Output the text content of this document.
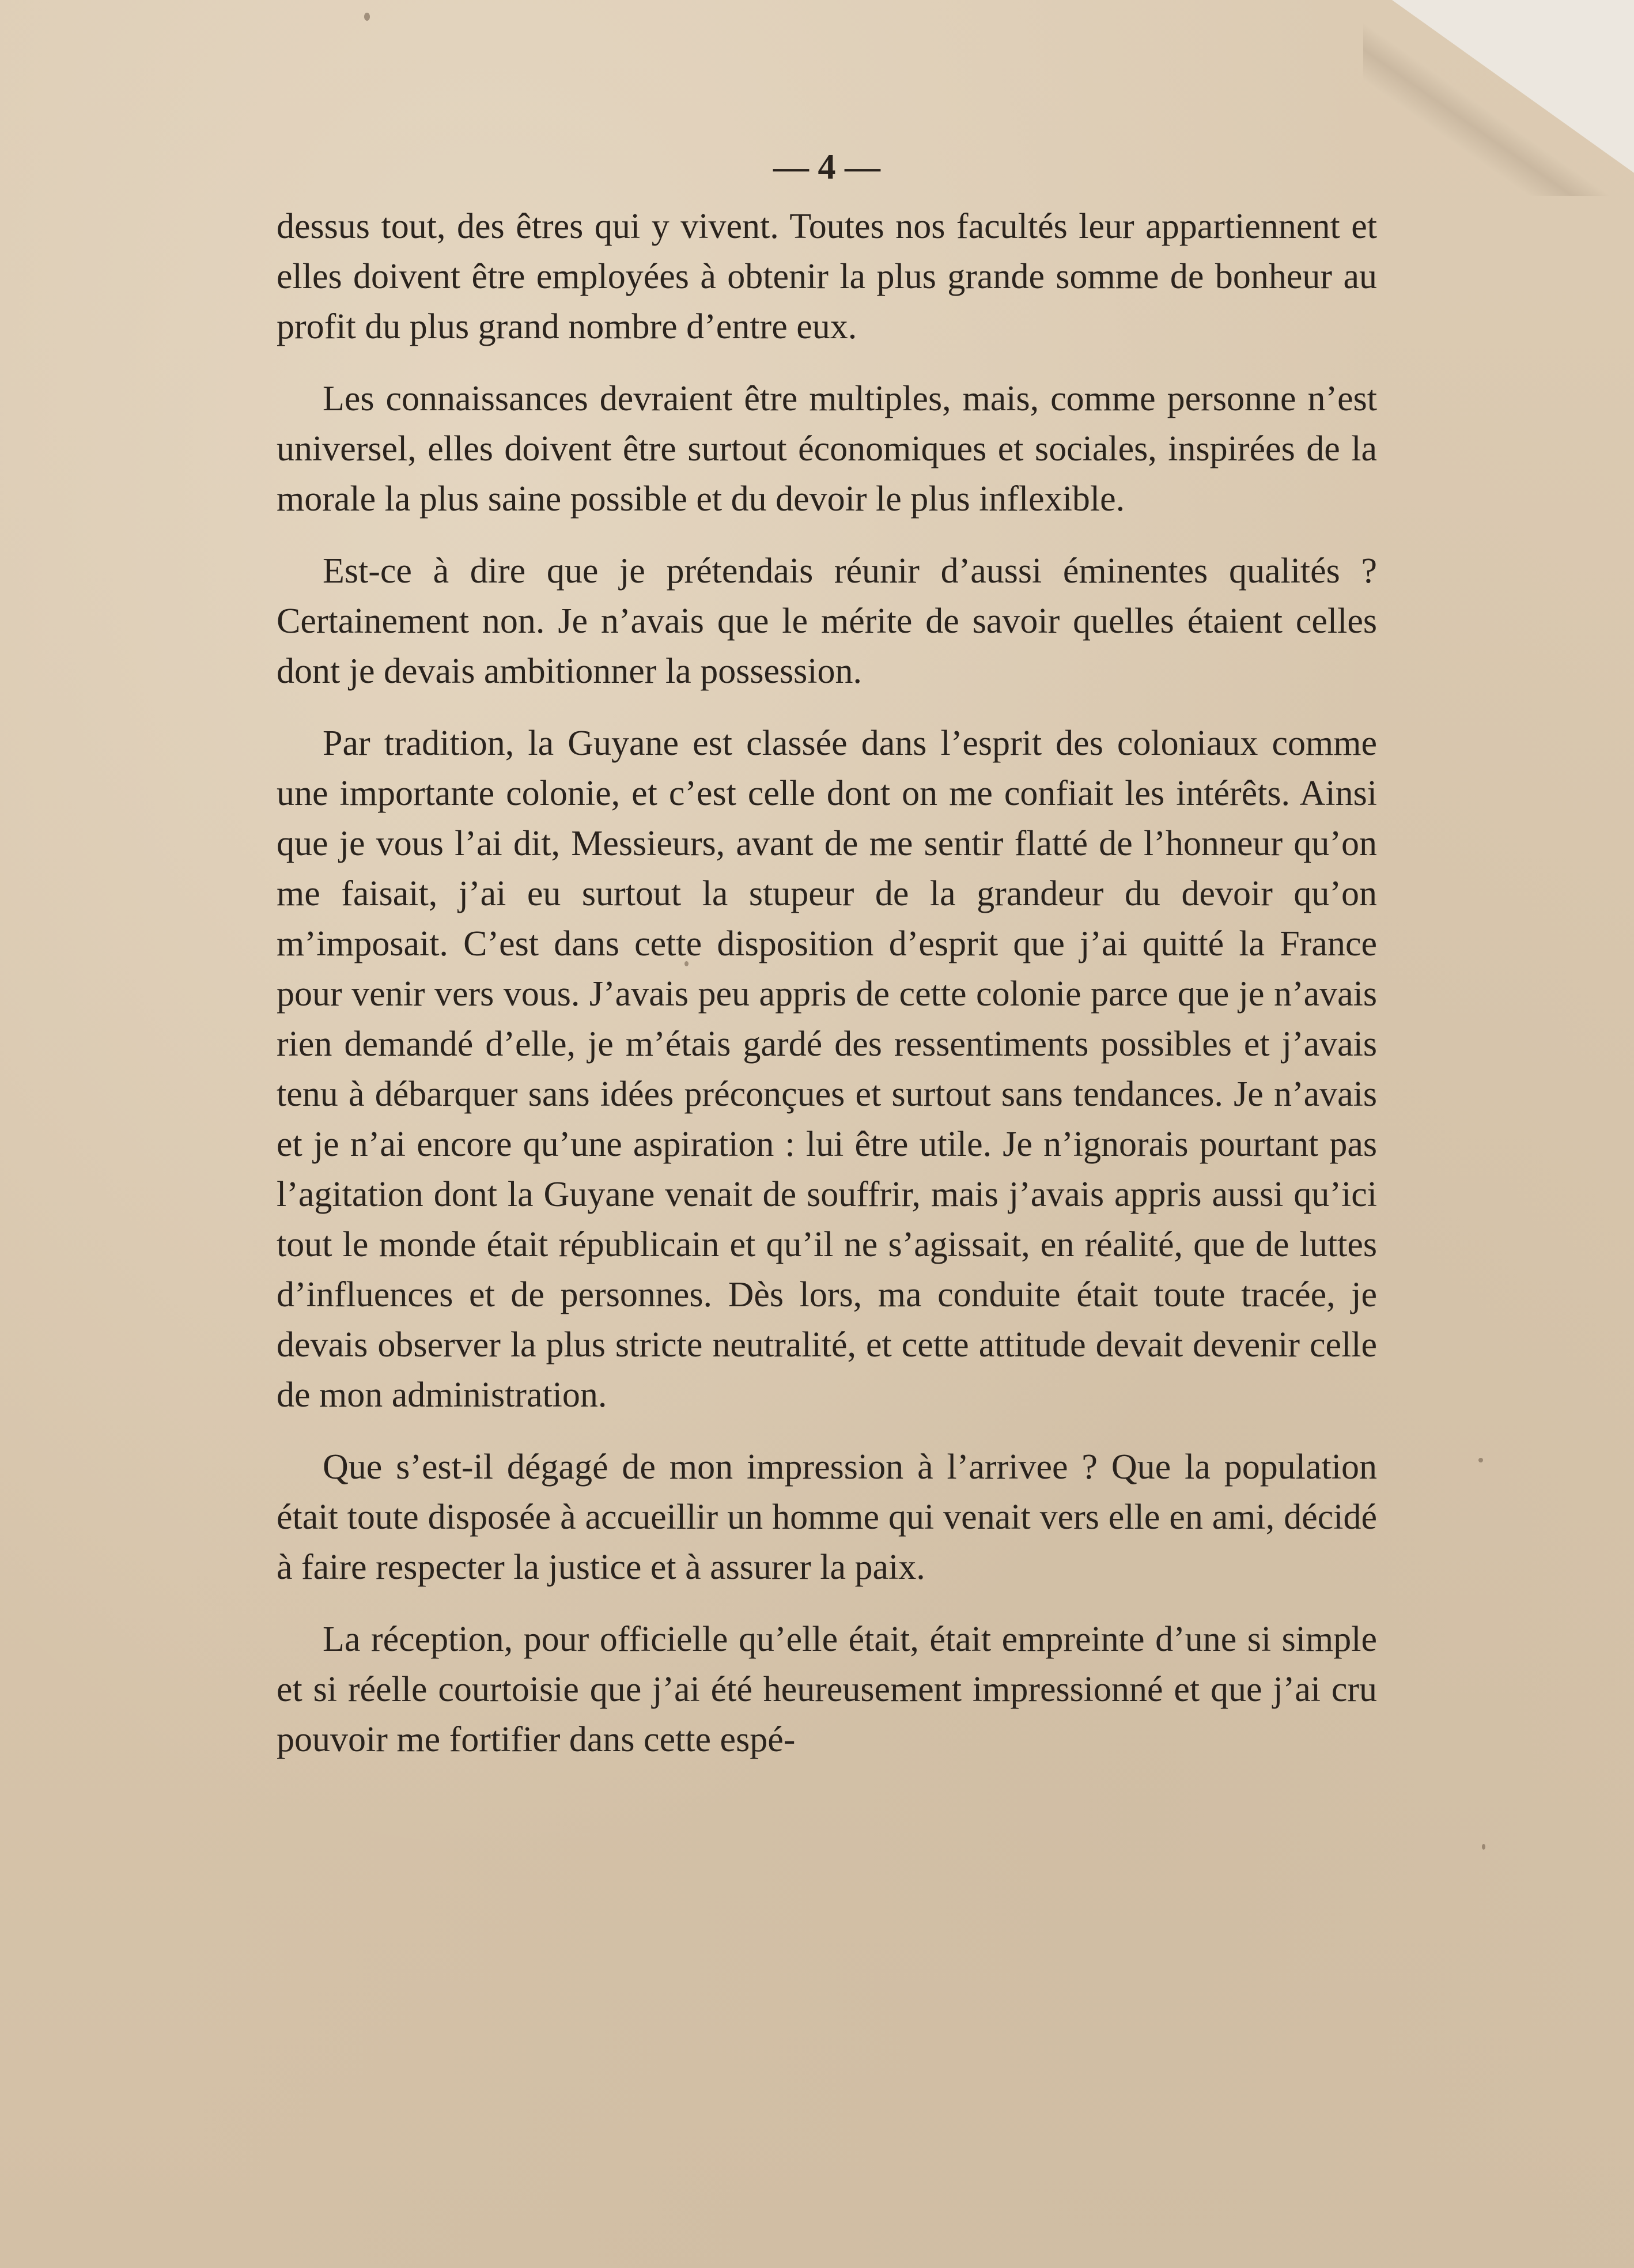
— 4 —

dessus tout, des êtres qui y vivent. Toutes nos facultés leur appartiennent et elles doivent être employées à obtenir la plus grande somme de bonheur au profit du plus grand nombre d’entre eux.

Les connaissances devraient être multiples, mais, comme personne n’est universel, elles doivent être surtout économiques et sociales, inspirées de la morale la plus saine possible et du devoir le plus inflexible.

Est-ce à dire que je prétendais réunir d’aussi éminentes qualités ? Certainement non. Je n’avais que le mérite de savoir quelles étaient celles dont je devais ambitionner la possession.

Par tradition, la Guyane est classée dans l’esprit des coloniaux comme une importante colonie, et c’est celle dont on me confiait les intérêts. Ainsi que je vous l’ai dit, Messieurs, avant de me sentir flatté de l’honneur qu’on me faisait, j’ai eu surtout la stupeur de la grandeur du devoir qu’on m’imposait. C’est dans cette disposition d’esprit que j’ai quitté la France pour venir vers vous. J’avais peu appris de cette colonie parce que je n’avais rien demandé d’elle, je m’étais gardé des ressentiments possibles et j’avais tenu à débarquer sans idées préconçues et surtout sans tendances. Je n’avais et je n’ai encore qu’une aspiration : lui être utile. Je n’ignorais pourtant pas l’agitation dont la Guyane venait de souffrir, mais j’avais appris aussi qu’ici tout le monde était républicain et qu’il ne s’agissait, en réalité, que de luttes d’influences et de personnes. Dès lors, ma conduite était toute tracée, je devais observer la plus stricte neutralité, et cette attitude devait devenir celle de mon administration.

Que s’est-il dégagé de mon impression à l’arrivee ? Que la population était toute disposée à accueillir un homme qui venait vers elle en ami, décidé à faire respecter la justice et à assurer la paix.

La réception, pour officielle qu’elle était, était empreinte d’une si simple et si réelle courtoisie que j’ai été heureusement impressionné et que j’ai cru pouvoir me fortifier dans cette espé-
